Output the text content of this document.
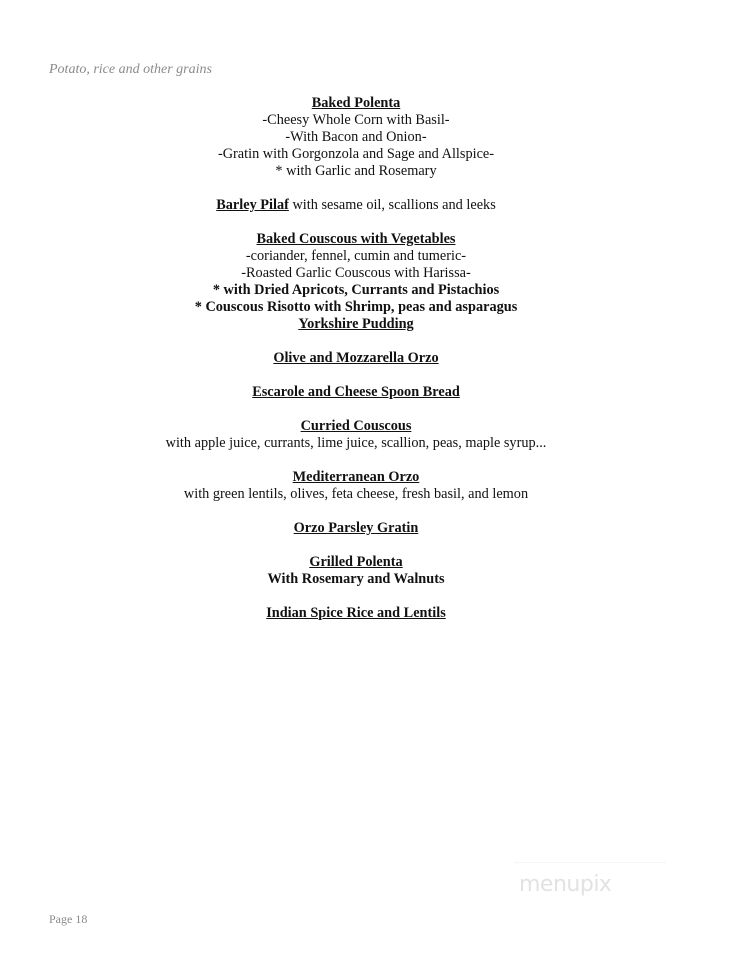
Potato, rice and other grains
Baked Polenta
-Cheesy Whole Corn with Basil-
-With Bacon and Onion-
-Gratin with Gorgonzola and Sage and Allspice-
* with Garlic and Rosemary
Barley Pilaf with sesame oil, scallions and leeks
Baked Couscous with Vegetables
-coriander, fennel, cumin and tumeric-
-Roasted Garlic Couscous with Harissa-
* with Dried Apricots, Currants and Pistachios
* Couscous Risotto with Shrimp, peas and asparagus
Yorkshire Pudding
Olive and Mozzarella Orzo
Escarole and Cheese Spoon Bread
Curried Couscous
with apple juice, currants, lime juice, scallion, peas, maple syrup...
Mediterranean Orzo
with green lentils, olives, feta cheese, fresh basil, and lemon
Orzo Parsley Gratin
Grilled Polenta
With Rosemary and Walnuts
Indian Spice Rice and Lentils
menupix
Page 18
